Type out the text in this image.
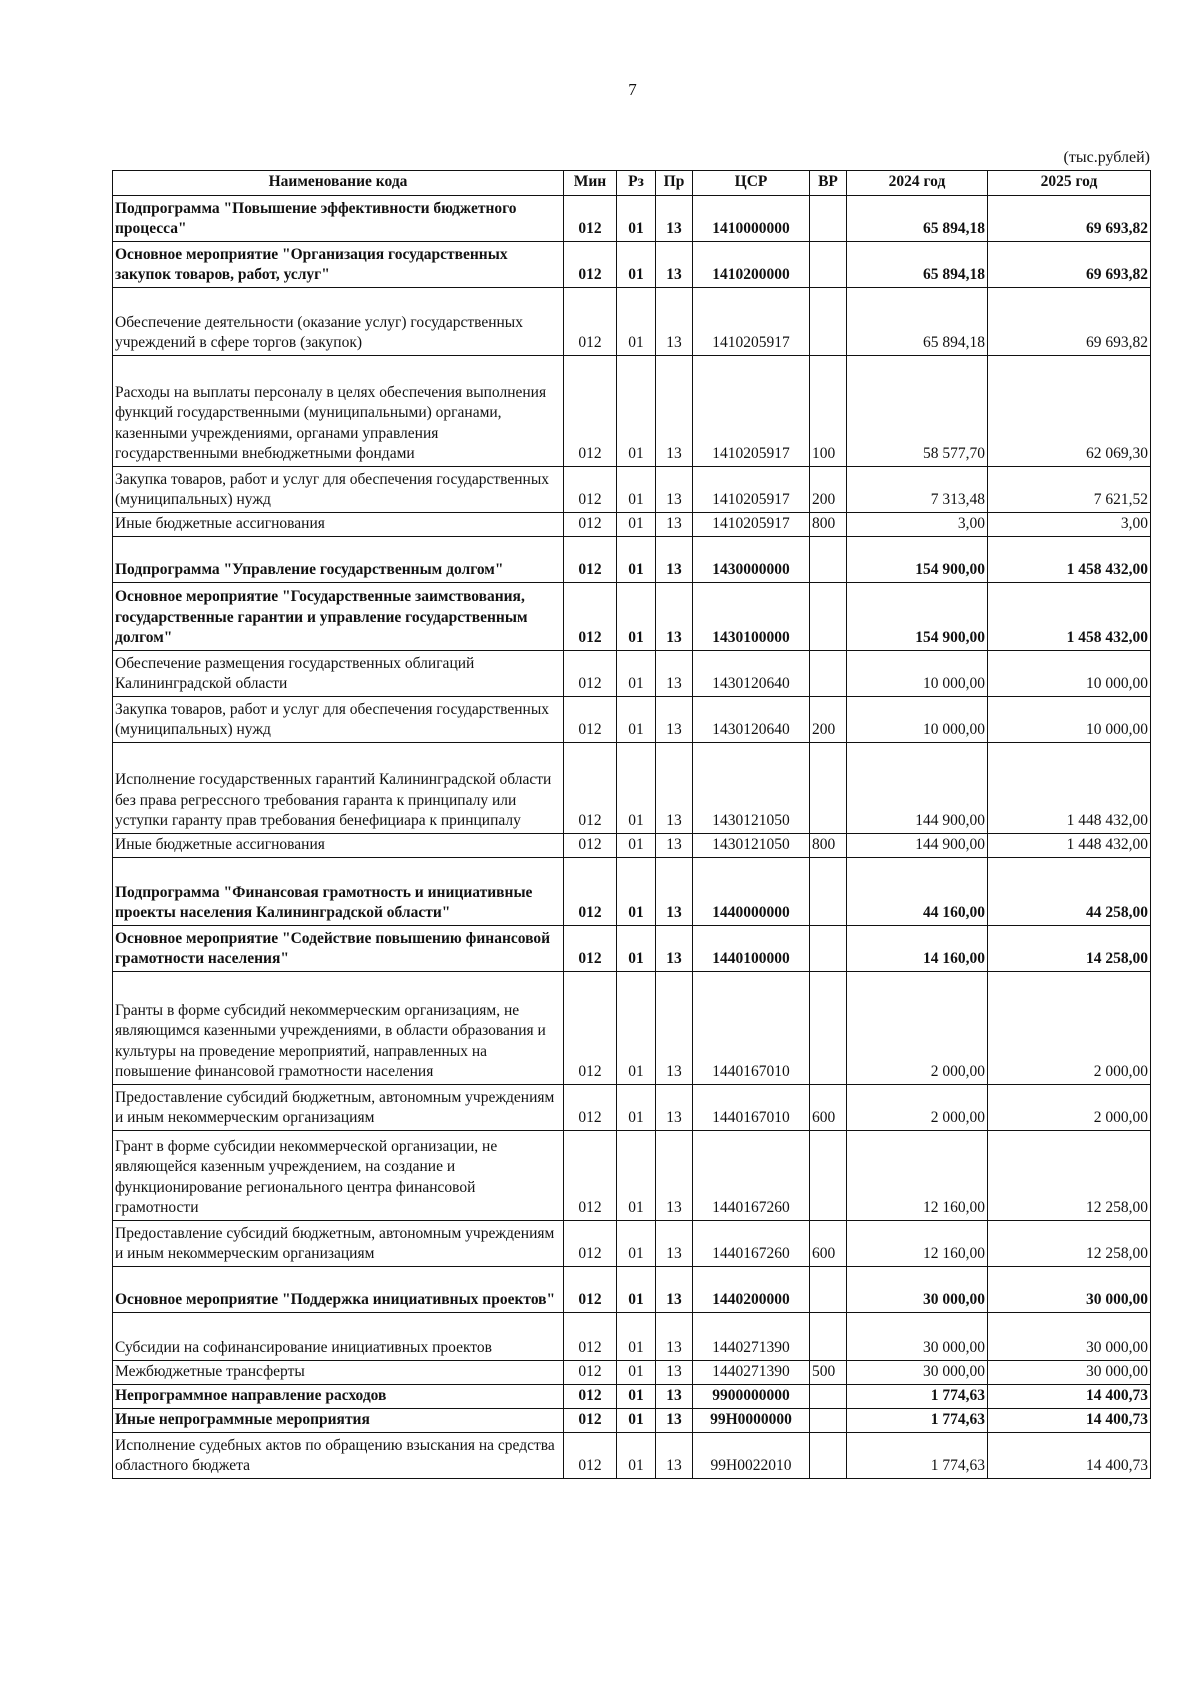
7
(тыс.рублей)
Наименование кода	Мин	Рз	Пр	ЦСР	ВР	2024 год	2025 год
Подпрограмма "Повышение эффективности бюджетного процесса"	012	01	13	1410000000		65 894,18	69 693,82
Основное мероприятие "Организация государственных закупок товаров, работ, услуг"	012	01	13	1410200000		65 894,18	69 693,82
Обеспечение деятельности (оказание услуг) государственных учреждений в сфере торгов (закупок)	012	01	13	1410205917		65 894,18	69 693,82
Расходы на выплаты персоналу в целях обеспечения выполнения функций государственными (муниципальными) органами, казенными учреждениями, органами управления государственными внебюджетными фондами	012	01	13	1410205917	100	58 577,70	62 069,30
Закупка товаров, работ и услуг для обеспечения государственных (муниципальных) нужд	012	01	13	1410205917	200	7 313,48	7 621,52
Иные бюджетные ассигнования	012	01	13	1410205917	800	3,00	3,00
Подпрограмма "Управление государственным долгом"	012	01	13	1430000000		154 900,00	1 458 432,00
Основное мероприятие "Государственные заимствования, государственные гарантии и управление государственным долгом"	012	01	13	1430100000		154 900,00	1 458 432,00
Обеспечение размещения государственных облигаций Калининградской области	012	01	13	1430120640		10 000,00	10 000,00
Закупка товаров, работ и услуг для обеспечения государственных (муниципальных) нужд	012	01	13	1430120640	200	10 000,00	10 000,00
Исполнение государственных гарантий Калининградской области без права регрессного требования гаранта к принципалу или уступки гаранту прав требования бенефициара к принципалу	012	01	13	1430121050		144 900,00	1 448 432,00
Иные бюджетные ассигнования	012	01	13	1430121050	800	144 900,00	1 448 432,00
Подпрограмма "Финансовая грамотность и инициативные проекты населения Калининградской области"	012	01	13	1440000000		44 160,00	44 258,00
Основное мероприятие "Содействие повышению финансовой грамотности населения"	012	01	13	1440100000		14 160,00	14 258,00
Гранты в форме субсидий некоммерческим организациям, не являющимся казенными учреждениями, в области образования и культуры на проведение мероприятий, направленных на повышение финансовой грамотности населения	012	01	13	1440167010		2 000,00	2 000,00
Предоставление субсидий бюджетным, автономным учреждениям и иным некоммерческим организациям	012	01	13	1440167010	600	2 000,00	2 000,00
Грант в форме субсидии некоммерческой организации, не являющейся казенным учреждением, на создание и функционирование регионального центра финансовой грамотности	012	01	13	1440167260		12 160,00	12 258,00
Предоставление субсидий бюджетным, автономным учреждениям и иным некоммерческим организациям	012	01	13	1440167260	600	12 160,00	12 258,00
Основное мероприятие "Поддержка инициативных проектов"	012	01	13	1440200000		30 000,00	30 000,00
Субсидии на софинансирование инициативных проектов	012	01	13	1440271390		30 000,00	30 000,00
Межбюджетные трансферты	012	01	13	1440271390	500	30 000,00	30 000,00
Непрограммное направление расходов	012	01	13	9900000000		1 774,63	14 400,73
Иные непрограммные мероприятия	012	01	13	99Н0000000		1 774,63	14 400,73
Исполнение судебных актов по обращению взыскания на средства областного бюджета	012	01	13	99Н0022010		1 774,63	14 400,73
